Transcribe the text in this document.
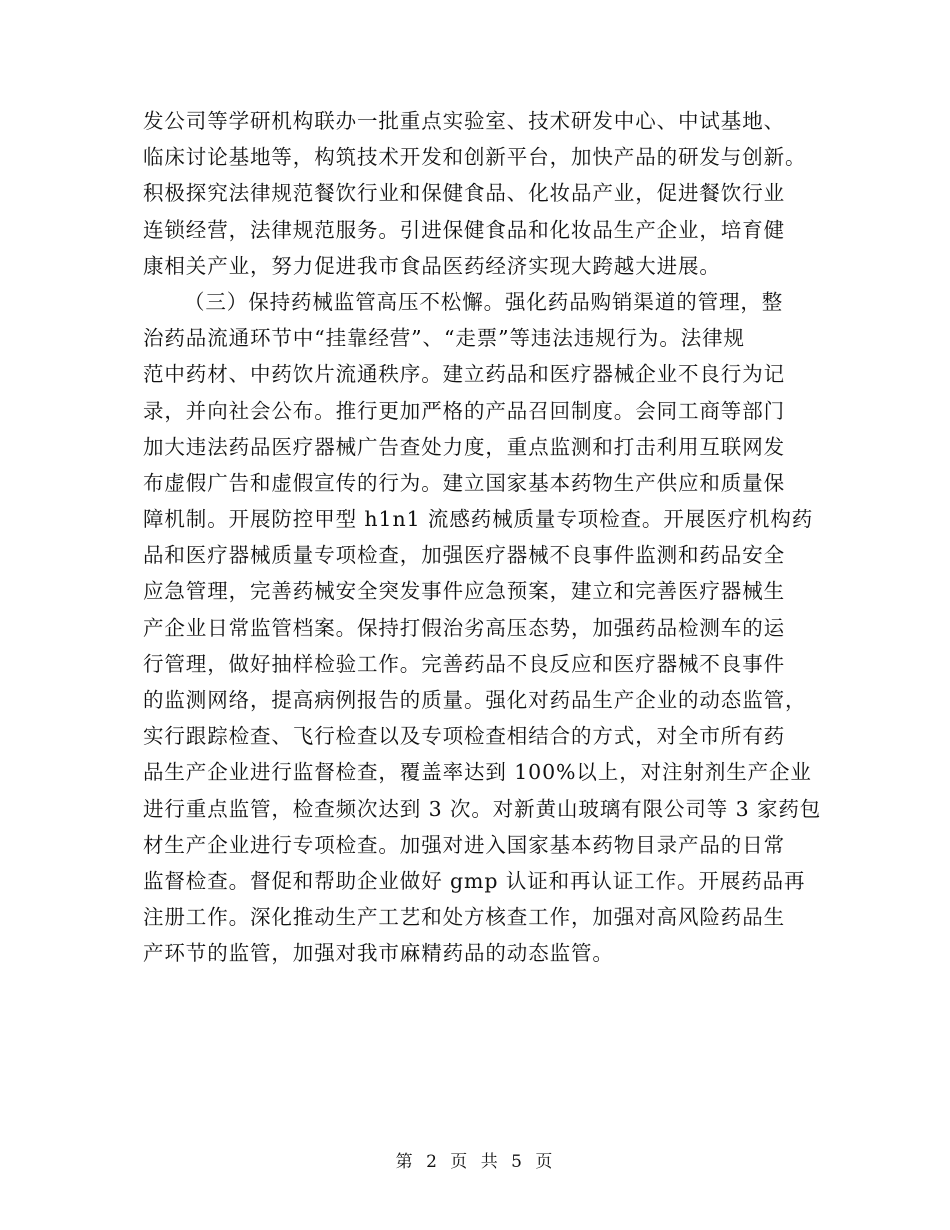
发公司等学研机构联办一批重点实验室、技术研发中心、中试基地、
临床讨论基地等，构筑技术开发和创新平台，加快产品的研发与创新。
积极探究法律规范餐饮行业和保健食品、化妆品产业，促进餐饮行业
连锁经营，法律规范服务。引进保健食品和化妆品生产企业，培育健
康相关产业，努力促进我市食品医药经济实现大跨越大进展。
（三）保持药械监管高压不松懈。强化药品购销渠道的管理，整
治药品流通环节中“挂靠经营”、“走票”等违法违规行为。法律规
范中药材、中药饮片流通秩序。建立药品和医疗器械企业不良行为记
录，并向社会公布。推行更加严格的产品召回制度。会同工商等部门
加大违法药品医疗器械广告查处力度，重点监测和打击利用互联网发
布虚假广告和虚假宣传的行为。建立国家基本药物生产供应和质量保
障机制。开展防控甲型 h1n1 流感药械质量专项检查。开展医疗机构药
品和医疗器械质量专项检查，加强医疗器械不良事件监测和药品安全
应急管理，完善药械安全突发事件应急预案，建立和完善医疗器械生
产企业日常监管档案。保持打假治劣高压态势，加强药品检测车的运
行管理，做好抽样检验工作。完善药品不良反应和医疗器械不良事件
的监测网络，提高病例报告的质量。强化对药品生产企业的动态监管，
实行跟踪检查、飞行检查以及专项检查相结合的方式，对全市所有药
品生产企业进行监督检查，覆盖率达到 100%以上，对注射剂生产企业
进行重点监管，检查频次达到 3 次。对新黄山玻璃有限公司等 3 家药包
材生产企业进行专项检查。加强对进入国家基本药物目录产品的日常
监督检查。督促和帮助企业做好 gmp 认证和再认证工作。开展药品再
注册工作。深化推动生产工艺和处方核查工作，加强对高风险药品生
产环节的监管，加强对我市麻精药品的动态监管。
第 2 页 共 5 页
